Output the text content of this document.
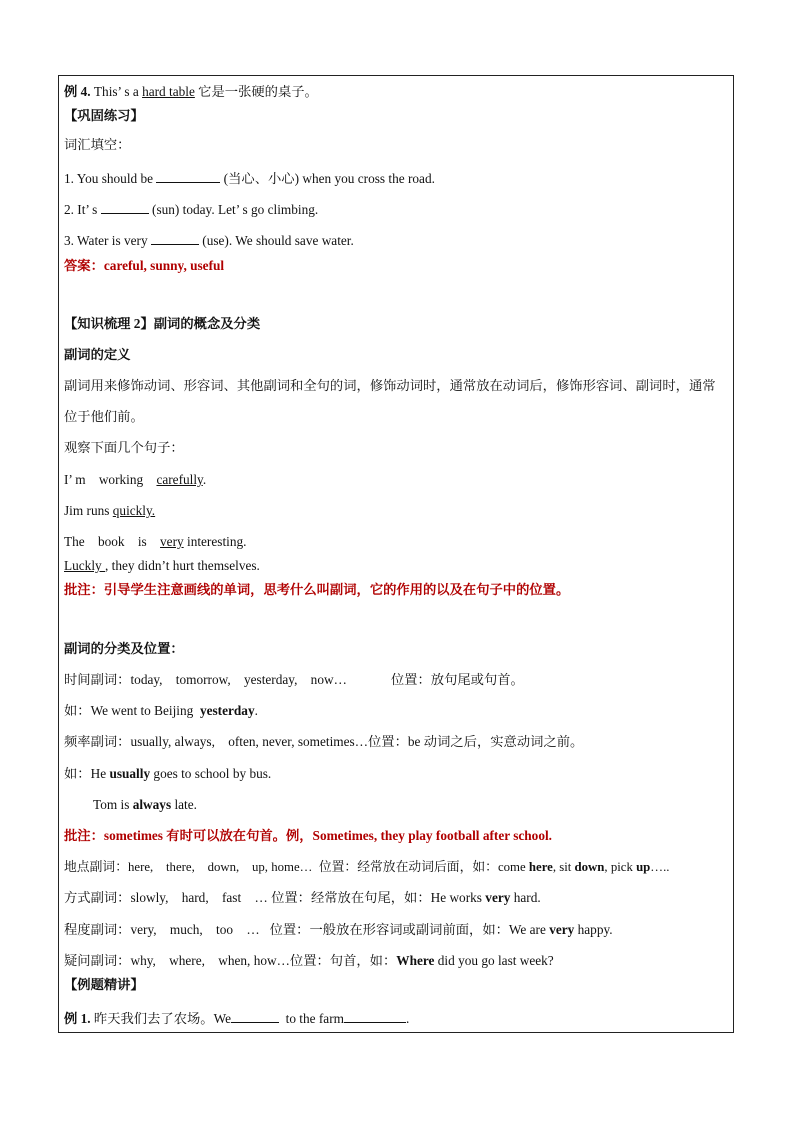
例 4. This’ s a hard table 它是一张硬的桌子。
【巩固练习】
词汇填空：
1. You should be	(当心、小心) when you cross the road.
2. It’ s	(sun) today. Let’ s go climbing.
3. Water is very	(use). We should save water.
答案：careful, sunny, useful
【知识梳理 2】副词的概念及分类
副词的定义
副词用来修饰动词、形容词、其他副词和全句的词，修饰动词时，通常放在动词后，修饰形容词、副词时，通常位于他们前。
观察下面几个句子：
I’ m    working    carefully.
Jim runs quickly.
The    book    is    very interesting.
Luckly , they didn’t hurt themselves.
批注：引导学生注意画线的单词，思考什么叫副词，它的作用的以及在句子中的位置。
副词的分类及位置：
时间副词：today,    tomorrow,    yesterday,    now…	位置：放句尾或句首。
如：We went to Beijing  yesterday.
频率副词：usually, always,    often, never, sometimes…位置：be 动词之后，实意动词之前。
如：He usually goes to school by bus.
Tom is always late.
批注：sometimes 有时可以放在句首。例，Sometimes, they play football after school.
地点副词：here,    there,    down,    up, home…  位置：经常放在动词后面，如：come here, sit down, pick up…..
方式副词：slowly,    hard,    fast    … 位置：经常放在句尾，如：He works very hard.
程度副词：very,    much,    too    …   位置：一般放在形容词或副词前面，如：We are very happy.
疑问副词：why,    where,    when, how…位置：句首，如：Where did you go last week?
【例题精讲】
例 1. 昨天我们去了农场。We	to the farm	.
